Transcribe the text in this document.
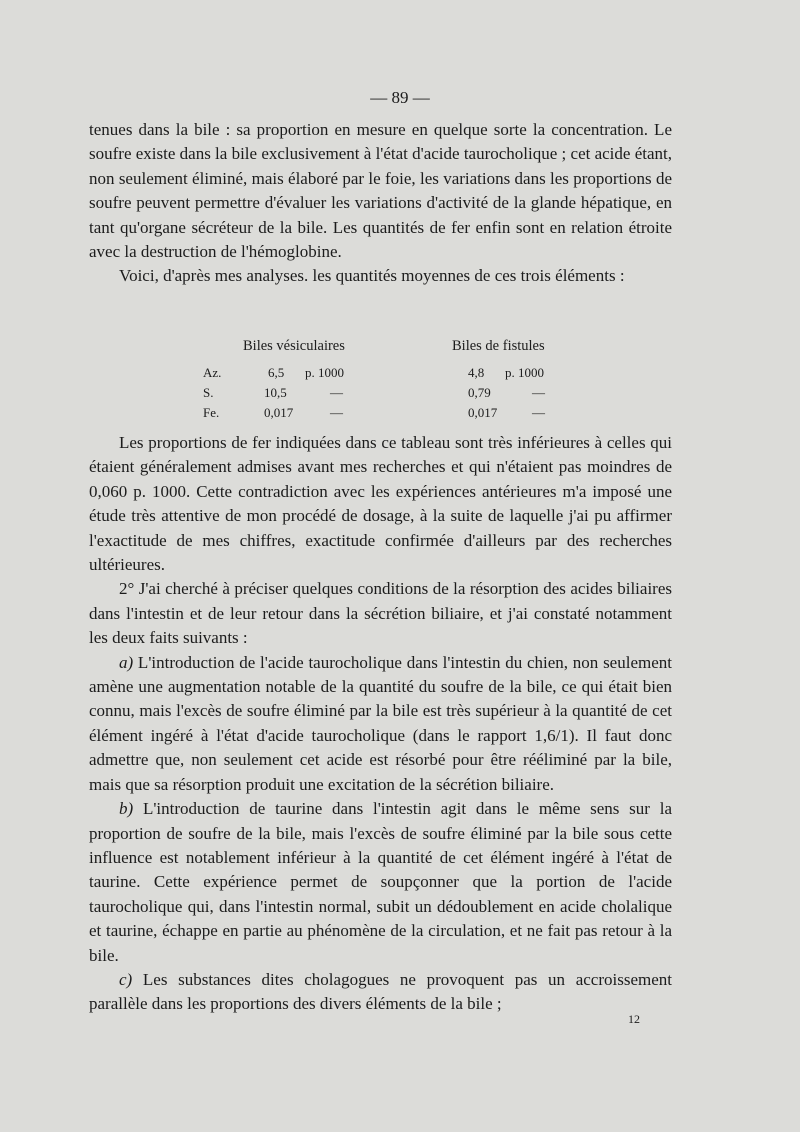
— 89 —

tenues dans la bile : sa proportion en mesure en quelque sorte la concentration. Le soufre existe dans la bile exclusivement à l'état d'acide taurocholique ; cet acide étant, non seulement éliminé, mais élaboré par le foie, les variations dans les proportions de soufre peuvent permettre d'évaluer les variations d'activité de la glande hépatique, en tant qu'organe sécréteur de la bile. Les quantités de fer enfin sont en relation étroite avec la destruction de l'hémoglobine.

Voici, d'après mes analyses. les quantités moyennes de ces trois éléments :

Biles vésiculaires	Biles de fistules
Az.	6,5 p. 1000	4,8 p. 1000
S.	10,5	—	0,79	—
Fe.	0,017	—	0,017	—

Les proportions de fer indiquées dans ce tableau sont très inférieures à celles qui étaient généralement admises avant mes recherches et qui n'étaient pas moindres de 0,060 p. 1000. Cette contradiction avec les expériences antérieures m'a imposé une étude très attentive de mon procédé de dosage, à la suite de laquelle j'ai pu affirmer l'exactitude de mes chiffres, exactitude confirmée d'ailleurs par des recherches ultérieures.

2° J'ai cherché à préciser quelques conditions de la résorption des acides biliaires dans l'intestin et de leur retour dans la sécrétion biliaire, et j'ai constaté notamment les deux faits suivants :

a) L'introduction de l'acide taurocholique dans l'intestin du chien, non seulement amène une augmentation notable de la quantité du soufre de la bile, ce qui était bien connu, mais l'excès de soufre éliminé par la bile est très supérieur à la quantité de cet élément ingéré à l'état d'acide taurocholique (dans le rapport 1,6/1). Il faut donc admettre que, non seulement cet acide est résorbé pour être rééliminé par la bile, mais que sa résorption produit une excitation de la sécrétion biliaire.

b) L'introduction de taurine dans l'intestin agit dans le même sens sur la proportion de soufre de la bile, mais l'excès de soufre éliminé par la bile sous cette influence est notablement inférieur à la quantité de cet élément ingéré à l'état de taurine. Cette expérience permet de soupçonner que la portion de l'acide taurocholique qui, dans l'intestin normal, subit un dédoublement en acide cholalique et taurine, échappe en partie au phénomène de la circulation, et ne fait pas retour à la bile.

c) Les substances dites cholagogues ne provoquent pas un accroissement parallèle dans les proportions des divers éléments de la bile ;

12
